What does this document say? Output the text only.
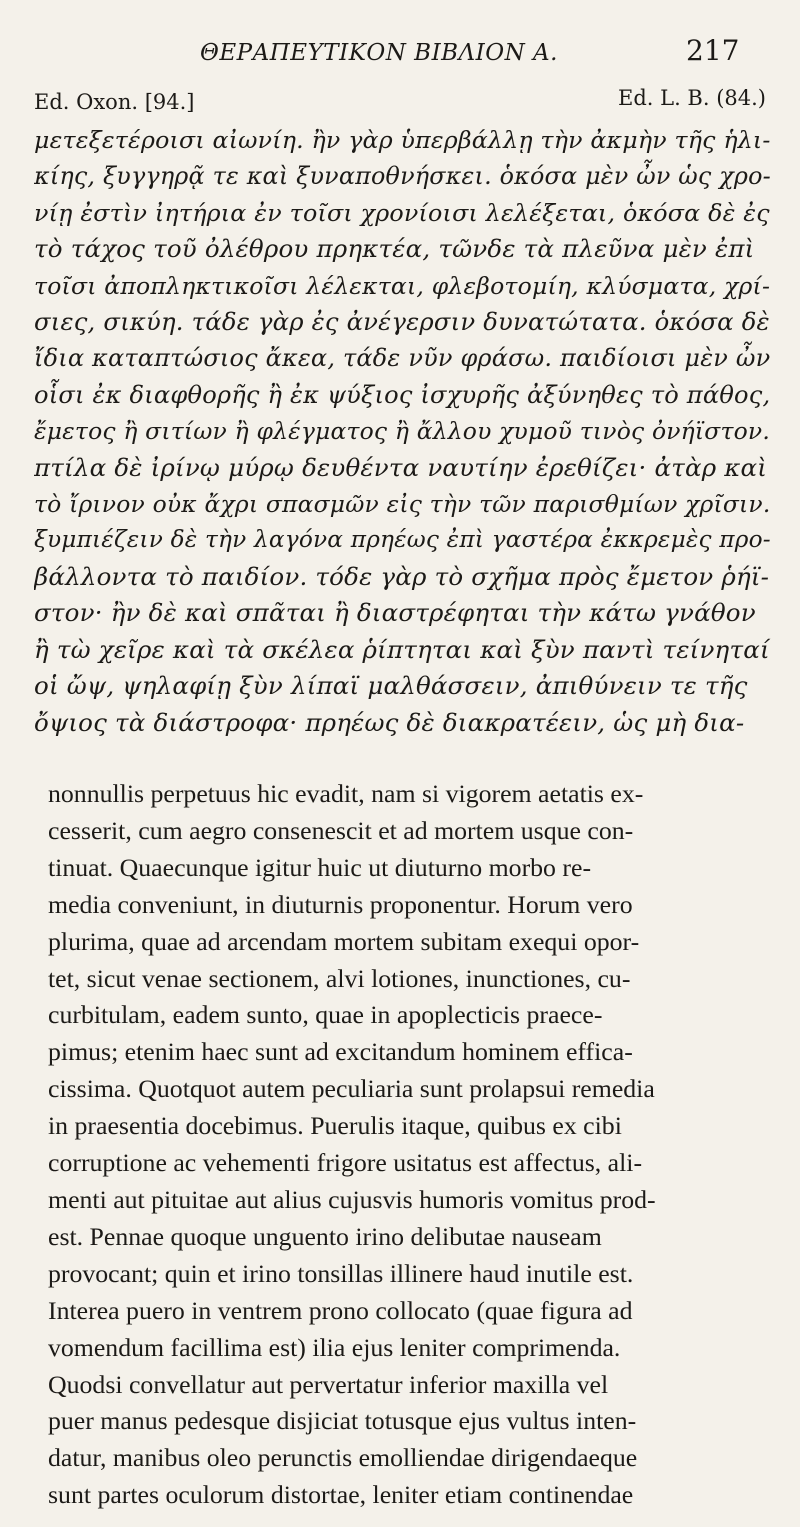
ΘΕΡΑΠΕΥΤΙΚΟΝ ΒΙΒΛΙΟΝ Α.	217
Ed. Oxon. [94.]	Ed. L. B. (84.)
μετεξετέροισι αἰωνίη. ἢν γὰρ ὑπερβάλλῃ τὴν ἀκμὴν τῆς ἡλι-
κίης, ξυγγηρᾷ τε καὶ ξυναποθνήσκει. ὁκόσα μὲν ὦν ὡς χρο-
νίῃ ἐστὶν ἰητήρια ἐν τοῖσι χρονίοισι λελέξεται, ὁκόσα δὲ ἐς
τὸ τάχος τοῦ ὀλέθρου πρηκτέα, τῶνδε τὰ πλεῦνα μὲν ἐπὶ
τοῖσι ἀποπληκτικοῖσι λέλεκται, φλεβοτομίη, κλύσματα, χρί-
σιες, σικύη. τάδε γὰρ ἐς ἀνέγερσιν δυνατώτατα. ὁκόσα δὲ
ἴδια καταπτώσιος ἄκεα, τάδε νῦν φράσω. παιδίοισι μὲν ὦν
οἷσι ἐκ διαφθορῆς ἢ ἐκ ψύξιος ἰσχυρῆς ἀξύνηθες τὸ πάθος,
ἔμετος ἢ σιτίων ἢ φλέγματος ἢ ἄλλου χυμοῦ τινὸς ὀνήϊστον.
πτίλα δὲ ἰρίνῳ μύρῳ δευθέντα ναυτίην ἐρεθίζει· ἀτὰρ καὶ
τὸ ἴρινον οὐκ ἄχρι σπασμῶν εἰς τὴν τῶν παρισθμίων χρῖσιν.
ξυμπιέζειν δὲ τὴν λαγόνα πρηέως ἐπὶ γαστέρα ἐκκρεμὲς προ-
βάλλοντα τὸ παιδίον. τόδε γὰρ τὸ σχῆμα πρὸς ἔμετον ῥήϊ-
στον· ἢν δὲ καὶ σπᾶται ἢ διαστρέφηται τὴν κάτω γνάθον
ἢ τὼ χεῖρε καὶ τὰ σκέλεα ῥίπτηται καὶ ξὺν παντὶ τείνηταί
οἱ ὤψ, ψηλαφίῃ ξὺν λίπαϊ μαλθάσσειν, ἀπιθύνειν τε τῆς
ὄψιος τὰ διάστροφα· πρηέως δὲ διακρατέειν, ὡς μὴ δια-
nonnullis perpetuus hic evadit, nam si vigorem aetatis ex-
cesserit, cum aegro consenescit et ad mortem usque con-
tinuat. Quaecunque igitur huic ut diuturno morbo re-
media conveniunt, in diuturnis proponentur. Horum vero
plurima, quae ad arcendam mortem subitam exequi opor-
tet, sicut venae sectionem, alvi lotiones, inunctiones, cu-
curbitulam, eadem sunto, quae in apoplecticis praece-
pimus; etenim haec sunt ad excitandum hominem effica-
cissima. Quotquot autem peculiaria sunt prolapsui remedia
in praesentia docebimus. Puerulis itaque, quibus ex cibi
corruptione ac vehementi frigore usitatus est affectus, ali-
menti aut pituitae aut alius cujusvis humoris vomitus prod-
est. Pennae quoque unguento irino delibutae nauseam
provocant; quin et irino tonsillas illinere haud inutile est.
Interea puero in ventrem prono collocato (quae figura ad
vomendum facillima est) ilia ejus leniter comprimenda.
Quodsi convellatur aut pervertatur inferior maxilla vel
puer manus pedesque disjiciat totusque ejus vultus inten-
datur, manibus oleo perunctis emolliendae dirigendaeque
sunt partes oculorum distortae, leniter etiam continendae
